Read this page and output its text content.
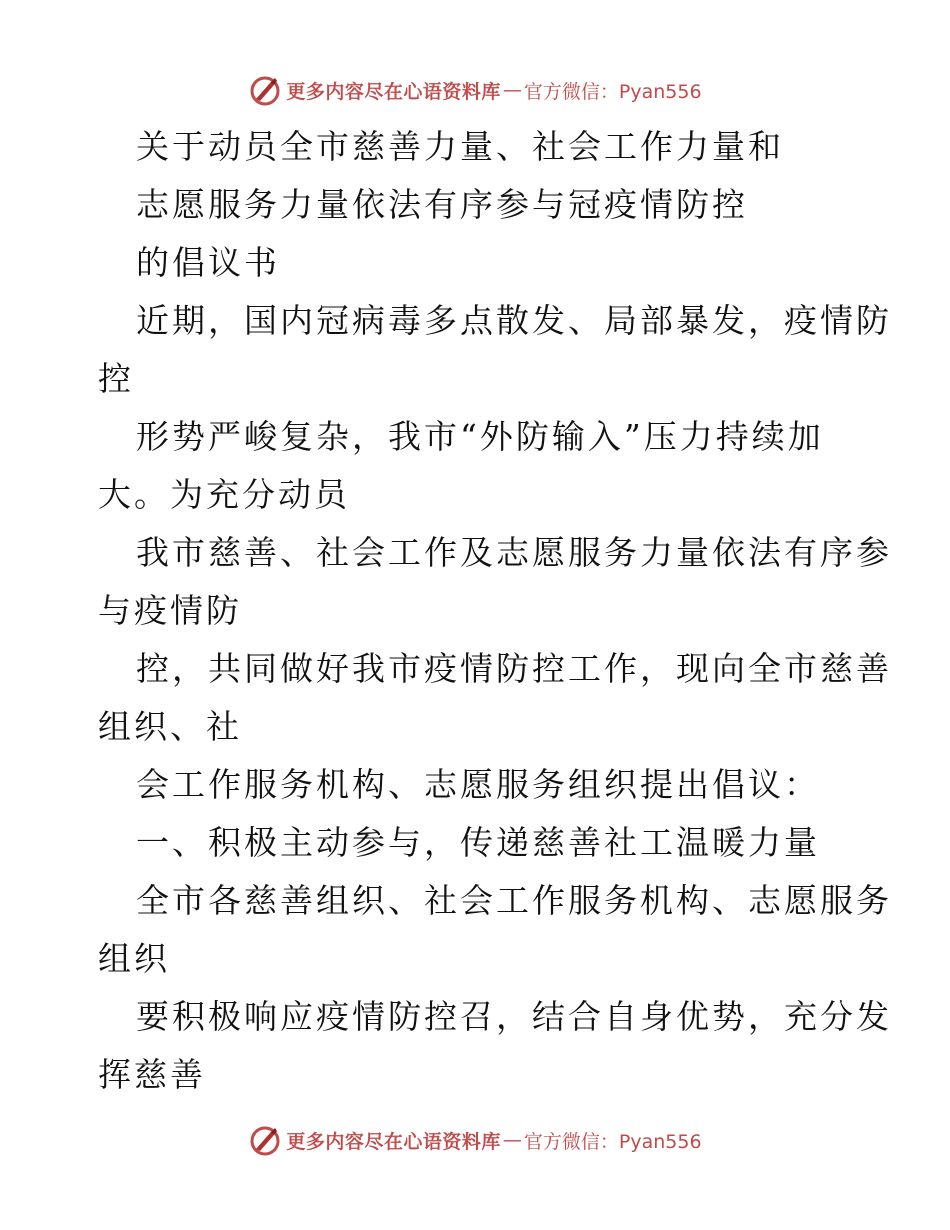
更多内容尽在心语资料库 — 官方微信：Pyan556
关于动员全市慈善力量、社会工作力量和
志愿服务力量依法有序参与冠疫情防控
的倡议书
近期，国内冠病毒多点散发、局部暴发，疫情防
控
形势严峻复杂，我市“外防输入”压力持续加
大。为充分动员
我市慈善、社会工作及志愿服务力量依法有序参
与疫情防
控，共同做好我市疫情防控工作，现向全市慈善
组织、社
会工作服务机构、志愿服务组织提出倡议：
一、积极主动参与，传递慈善社工温暖力量
全市各慈善组织、社会工作服务机构、志愿服务
组织
要积极响应疫情防控召，结合自身优势，充分发
挥慈善
更多内容尽在心语资料库 — 官方微信：Pyan556
